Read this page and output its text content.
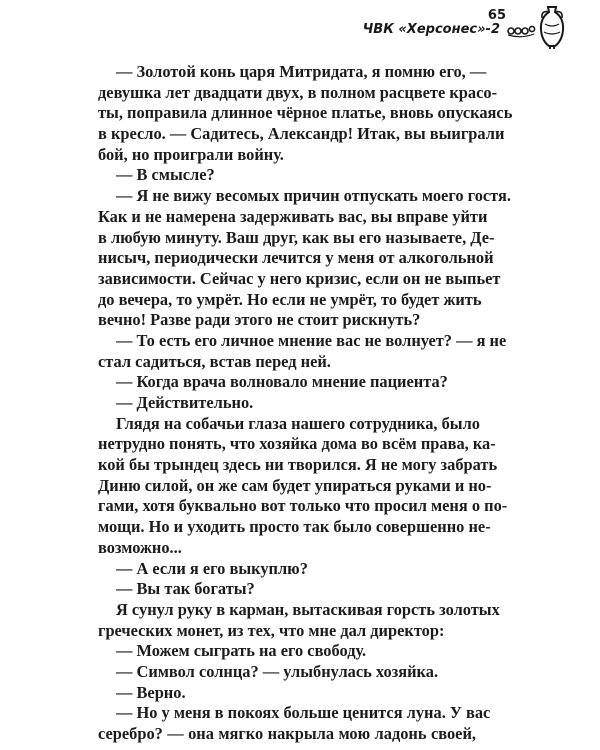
65
ЧВК «Херсонес»-2
— Золотой конь царя Митридата, я помню его, —
девушка лет двадцати двух, в полном расцвете красо-
ты, поправила длинное чёрное платье, вновь опускаясь
в кресло. — Садитесь, Александр! Итак, вы выиграли
бой, но проиграли войну.
— В смысле?
— Я не вижу весомых причин отпускать моего гостя.
Как и не намерена задерживать вас, вы вправе уйти
в любую минуту. Ваш друг, как вы его называете, Де-
нисыч, периодически лечится у меня от алкогольной
зависимости. Сейчас у него кризис, если он не выпьет
до вечера, то умрёт. Но если не умрёт, то будет жить
вечно! Разве ради этого не стоит рискнуть?
— То есть его личное мнение вас не волнует? — я не
стал садиться, встав перед ней.
— Когда врача волновало мнение пациента?
— Действительно.
Глядя на собачьи глаза нашего сотрудника, было
нетрудно понять, что хозяйка дома во всём права, ка-
кой бы трындец здесь ни творился. Я не могу забрать
Диню силой, он же сам будет упираться руками и но-
гами, хотя буквально вот только что просил меня о по-
мощи. Но и уходить просто так было совершенно не-
возможно...
— А если я его выкуплю?
— Вы так богаты?
Я сунул руку в карман, вытаскивая горсть золотых
греческих монет, из тех, что мне дал директор:
— Можем сыграть на его свободу.
— Символ солнца? — улыбнулась хозяйка.
— Верно.
— Но у меня в покоях больше ценится луна. У вас
серебро? — она мягко накрыла мою ладонь своей,
